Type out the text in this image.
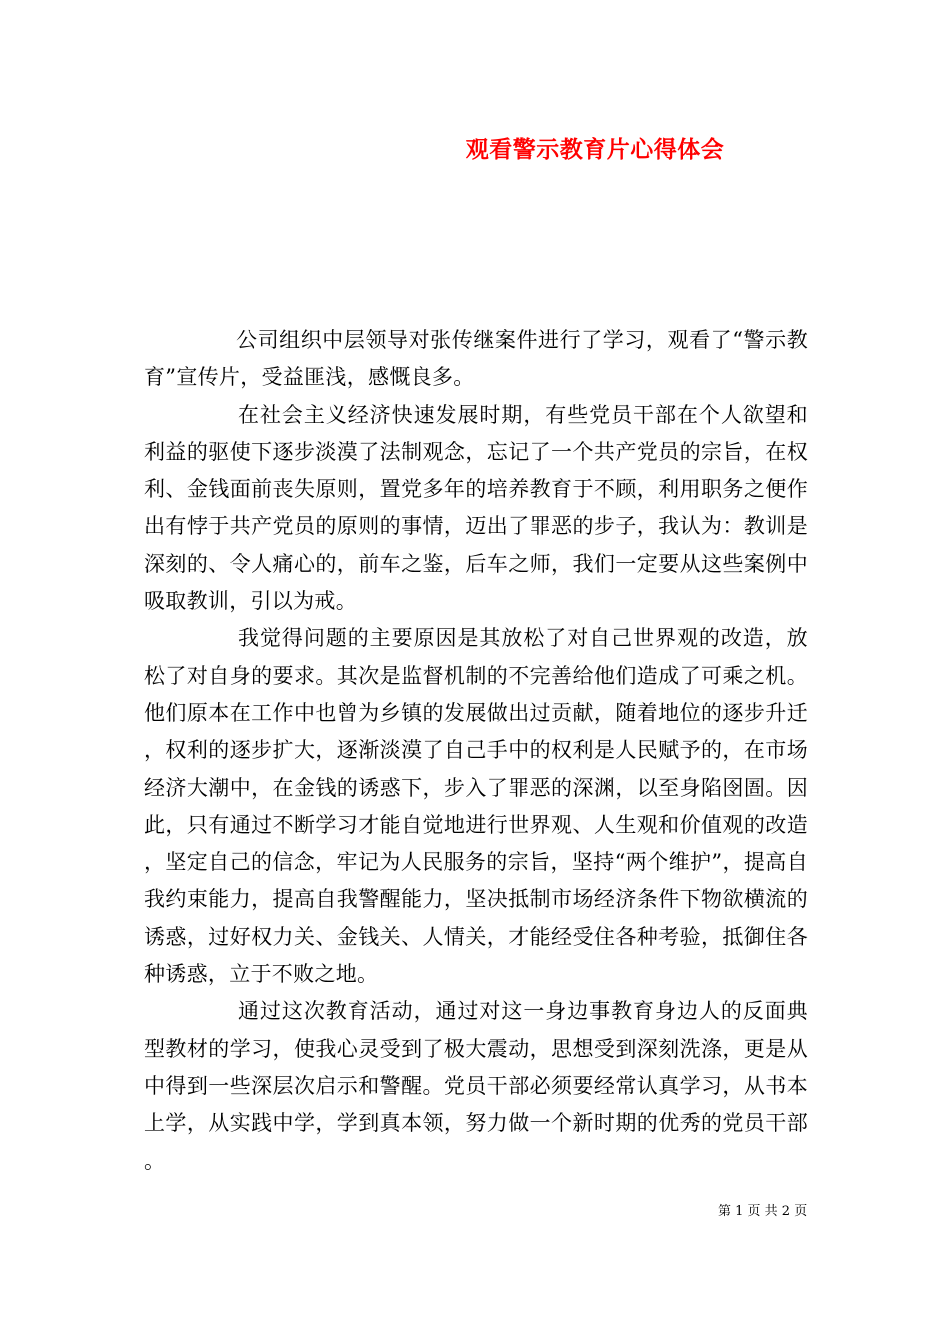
观看警示教育片心得体会

公司组织中层领导对张传继案件进行了学习，观看了“警示教育”宣传片，受益匪浅，感慨良多。

在社会主义经济快速发展时期，有些党员干部在个人欲望和利益的驱使下逐步淡漠了法制观念，忘记了一个共产党员的宗旨，在权利、金钱面前丧失原则，置党多年的培养教育于不顾，利用职务之便作出有悖于共产党员的原则的事情，迈出了罪恶的步子，我认为：教训是深刻的、令人痛心的，前车之鉴，后车之师，我们一定要从这些案例中吸取教训，引以为戒。

我觉得问题的主要原因是其放松了对自己世界观的改造，放松了对自身的要求。其次是监督机制的不完善给他们造成了可乘之机。他们原本在工作中也曾为乡镇的发展做出过贡献，随着地位的逐步升迁，权利的逐步扩大，逐渐淡漠了自己手中的权利是人民赋予的，在市场经济大潮中，在金钱的诱惑下，步入了罪恶的深渊，以至身陷囹圄。因此，只有通过不断学习才能自觉地进行世界观、人生观和价值观的改造，坚定自己的信念，牢记为人民服务的宗旨，坚持“两个维护”，提高自我约束能力，提高自我警醒能力，坚决抵制市场经济条件下物欲横流的诱惑，过好权力关、金钱关、人情关，才能经受住各种考验，抵御住各种诱惑，立于不败之地。

通过这次教育活动，通过对这一身边事教育身边人的反面典型教材的学习，使我心灵受到了极大震动，思想受到深刻洗涤，更是从中得到一些深层次启示和警醒。党员干部必须要经常认真学习，从书本上学，从实践中学，学到真本领，努力做一个新时期的优秀的党员干部。

第 1 页 共 2 页
